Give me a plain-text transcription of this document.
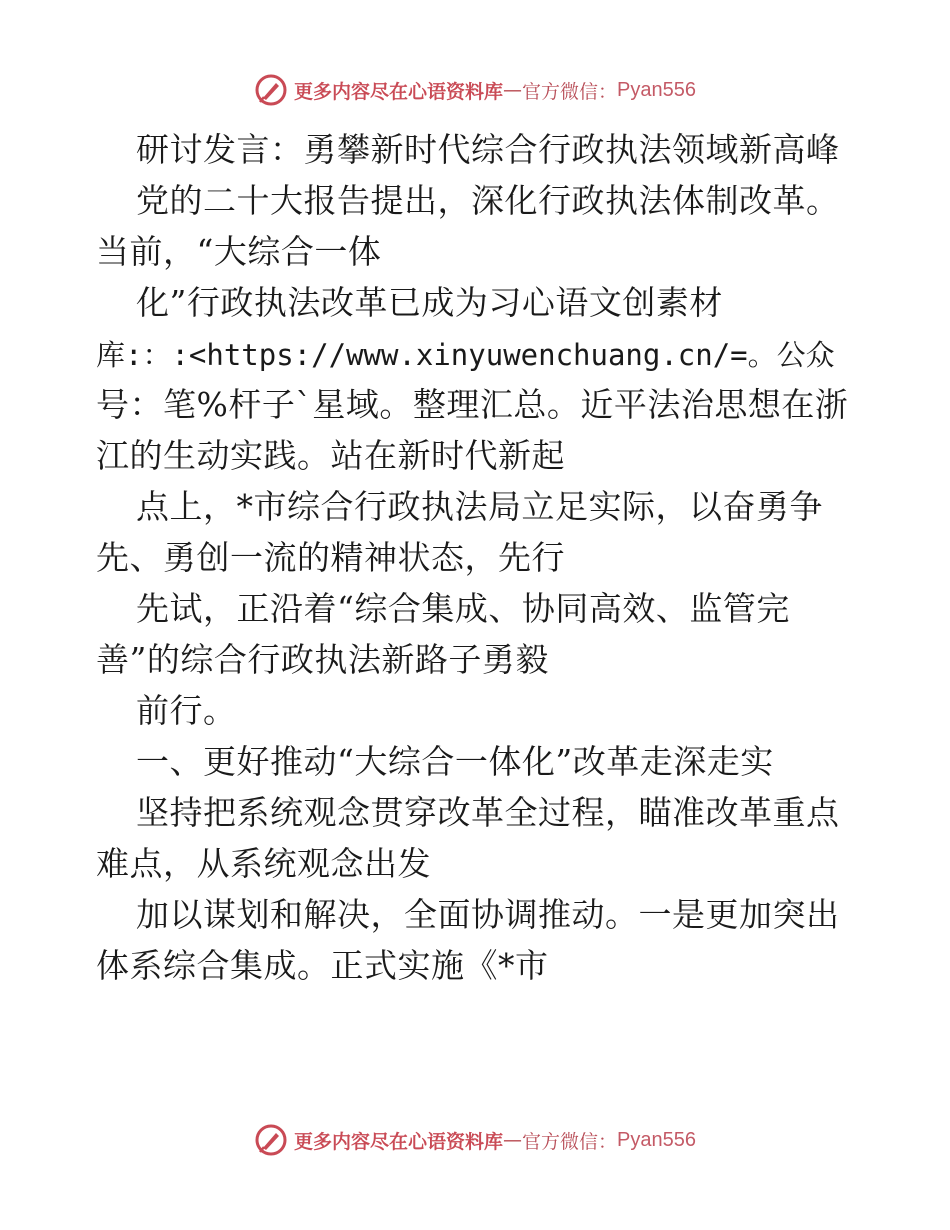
更多内容尽在心语资料库 — 官方微信： Pyan556
研讨发言：勇攀新时代综合行政执法领域新高峰
党的二十大报告提出，深化行政执法体制改革。
当前，“大综合一体
化”行政执法改革已成为习心语文创素材
库:：:<https://www.xinyuwenchuang.cn/=。公众
号：笔%杆子`星域。整理汇总。近平法治思想在浙
江的生动实践。站在新时代新起
点上，*市综合行政执法局立足实际，以奋勇争
先、勇创一流的精神状态，先行
先试，正沿着“综合集成、协同高效、监管完
善”的综合行政执法新路子勇毅
前行。
一、更好推动“大综合一体化”改革走深走实
坚持把系统观念贯穿改革全过程，瞄准改革重点
难点，从系统观念出发
加以谋划和解决，全面协调推动。一是更加突出
体系综合集成。正式实施《*市
更多内容尽在心语资料库 — 官方微信： Pyan556
